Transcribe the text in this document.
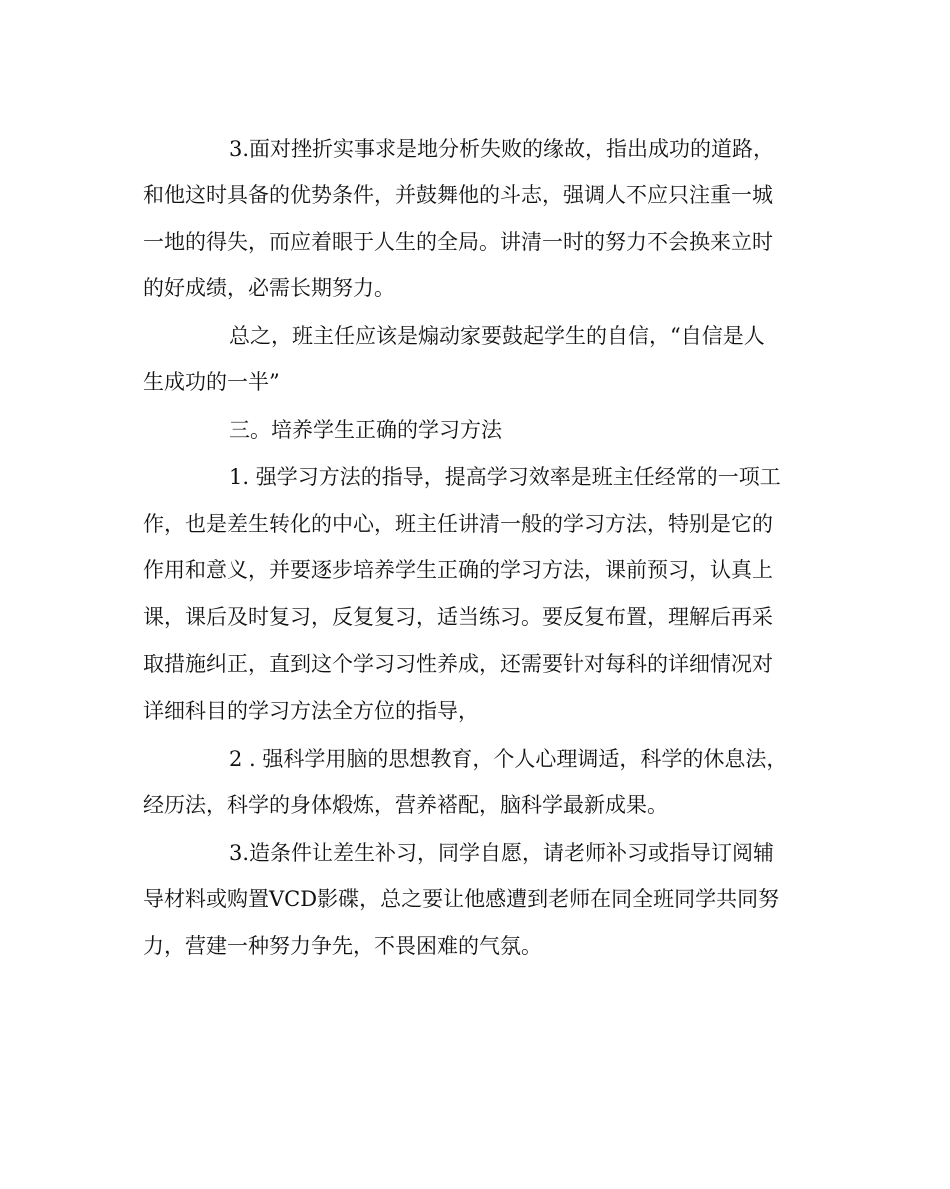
3.面对挫折实事求是地分析失败的缘故，指出成功的道路，

和他这时具备的优势条件，并鼓舞他的斗志，强调人不应只注重一城

一地的得失，而应着眼于人生的全局。讲清一时的努力不会换来立时

的好成绩，必需长期努力。

总之，班主任应该是煽动家要鼓起学生的自信，“自信是人

生成功的一半”

三。培养学生正确的学习方法

1. 强学习方法的指导，提高学习效率是班主任经常的一项工

作，也是差生转化的中心，班主任讲清一般的学习方法，特别是它的

作用和意义，并要逐步培养学生正确的学习方法，课前预习，认真上

课，课后及时复习，反复复习，适当练习。要反复布置，理解后再采

取措施纠正，直到这个学习习性养成，还需要针对每科的详细情况对

详细科目的学习方法全方位的指导，

2 . 强科学用脑的思想教育，个人心理调适，科学的休息法，

经历法，科学的身体煅炼，营养褡配，脑科学最新成果。

3.造条件让差生补习，同学自愿，请老师补习或指导订阅辅

导材料或购置VCD影碟，总之要让他感遭到老师在同全班同学共同努

力，营建一种努力争先，不畏困难的气氛。
